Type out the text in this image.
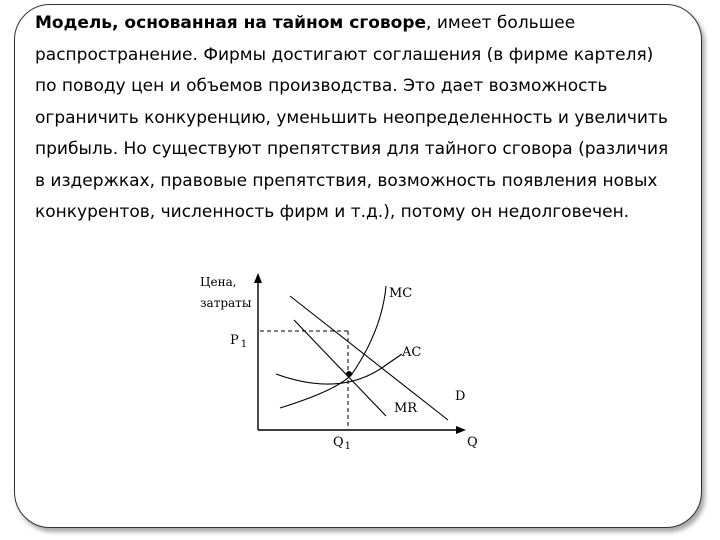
Модель, основанная на тайном сговоре, имеет большее распространение. Фирмы достигают соглашения (в фирме картеля) по поводу цен и объемов производства. Это дает возможность ограничить конкуренцию, уменьшить неопределенность и увеличить прибыль. Но существуют препятствия для тайного сговора (различия в издержках, правовые препятствия, возможность появления новых конкурентов, численность фирм и т.д.), потому он недолговечен.
Цена,
затраты
Q
P $_1$
$Q_1$
MC
AC
D
MR
